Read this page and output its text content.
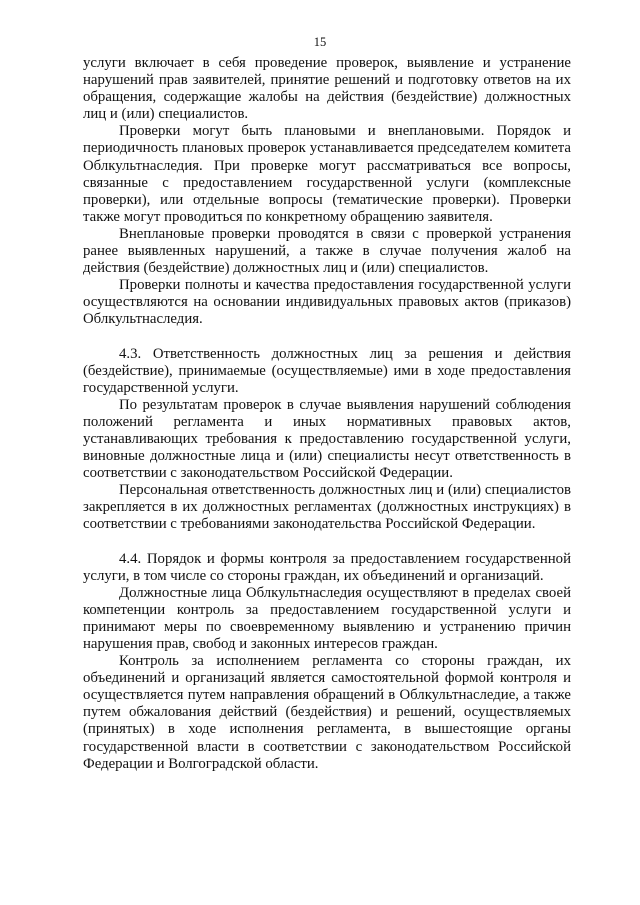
15

услуги включает в себя проведение проверок, выявление и устранение нарушений прав заявителей, принятие решений и подготовку ответов на их обращения, содержащие жалобы на действия (бездействие) должностных лиц и (или) специалистов.

Проверки могут быть плановыми и внеплановыми. Порядок и периодичность плановых проверок устанавливается председателем комитета Облкультнаследия. При проверке могут рассматриваться все вопросы, связанные с предоставлением государственной услуги (комплексные проверки), или отдельные вопросы (тематические проверки). Проверки также могут проводиться по конкретному обращению заявителя.

Внеплановые проверки проводятся в связи с проверкой устранения ранее выявленных нарушений, а также в случае получения жалоб на действия (бездействие) должностных лиц и (или) специалистов.

Проверки полноты и качества предоставления государственной услуги осуществляются на основании индивидуальных правовых актов (приказов) Облкультнаследия.

4.3. Ответственность должностных лиц за решения и действия (бездействие), принимаемые (осуществляемые) ими в ходе предоставления государственной услуги.

По результатам проверок в случае выявления нарушений соблюдения положений регламента и иных нормативных правовых актов, устанавливающих требования к предоставлению государственной услуги, виновные должностные лица и (или) специалисты несут ответственность в соответствии с законодательством Российской Федерации.

Персональная ответственность должностных лиц и (или) специалистов закрепляется в их должностных регламентах (должностных инструкциях) в соответствии с требованиями законодательства Российской Федерации.

4.4. Порядок и формы контроля за предоставлением государственной услуги, в том числе со стороны граждан, их объединений и организаций.

Должностные лица Облкультнаследия осуществляют в пределах своей компетенции контроль за предоставлением государственной услуги и принимают меры по своевременному выявлению и устранению причин нарушения прав, свобод и законных интересов граждан.

Контроль за исполнением регламента со стороны граждан, их объединений и организаций является самостоятельной формой контроля и осуществляется путем направления обращений в Облкультнаследие, а также путем обжалования действий (бездействия) и решений, осуществляемых (принятых) в ходе исполнения регламента, в вышестоящие органы государственной власти в соответствии с законодательством Российской Федерации и Волгоградской области.
